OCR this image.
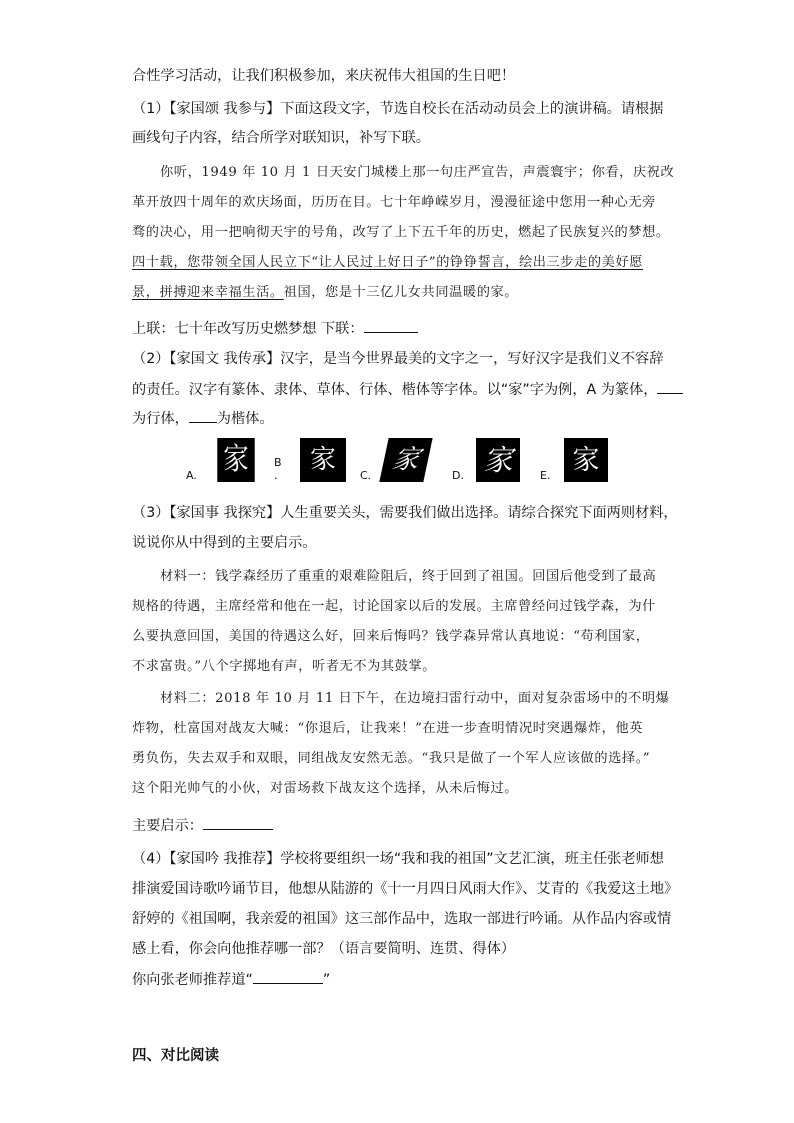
合性学习活动，让我们积极参加，来庆祝伟大祖国的生日吧！
（1）【家国颂 我参与】下面这段文字，节选自校长在活动动员会上的演讲稿。请根据
画线句子内容，结合所学对联知识，补写下联。
你听，1949 年 10 月 1 日天安门城楼上那一句庄严宣告，声震寰宇；你看，庆祝改
革开放四十周年的欢庆场面，历历在目。七十年峥嵘岁月，漫漫征途中您用一种心无旁
骛的决心，用一把响彻天宇的号角，改写了上下五千年的历史，燃起了民族复兴的梦想。
四十载，您带领全国人民立下“让人民过上好日子”的铮铮誓言，绘出三步走的美好愿
景，拼搏迎来幸福生活。祖国，您是十三亿儿女共同温暖的家。
上联：七十年改写历史燃梦想 下联：
（2）【家国文 我传承】汉字，是当今世界最美的文字之一，写好汉字是我们义不容辞
的责任。汉字有篆体、隶体、草体、行体、楷体等字体。以“家”字为例，A 为篆体，
为行体， 为楷体。
A. 家	B .
家
C.
家
D. 家	E. 家
（3）【家国事 我探究】人生重要关头，需要我们做出选择。请综合探究下面两则材料，
说说你从中得到的主要启示。
材料一：钱学森经历了重重的艰难险阻后，终于回到了祖国。回国后他受到了最高
规格的待遇，主席经常和他在一起，讨论国家以后的发展。主席曾经问过钱学森，为什
么要执意回国，美国的待遇这么好，回来后悔吗？钱学森异常认真地说：“苟利国家，
不求富贵。”八个字掷地有声，听者无不为其鼓掌。
材料二：2018 年 10 月 11 日下午，在边境扫雷行动中，面对复杂雷场中的不明爆
炸物，杜富国对战友大喊：“你退后，让我来！”在进一步查明情况时突遇爆炸，他英
勇负伤，失去双手和双眼，同组战友安然无恙。“我只是做了一个军人应该做的选择。”
这个阳光帅气的小伙，对雷场救下战友这个选择，从未后悔过。
主要启示：
（4）【家国吟 我推荐】学校将要组织一场“我和我的祖国”文艺汇演，班主任张老师想
排演爱国诗歌吟诵节目，他想从陆游的《十一月四日风雨大作》、艾青的《我爱这土地》
舒婷的《祖国啊，我亲爱的祖国》这三部作品中，选取一部进行吟诵。从作品内容或情
感上看，你会向他推荐哪一部？（语言要简明、连贯、得体）
你向张老师推荐道“	”
四、对比阅读
